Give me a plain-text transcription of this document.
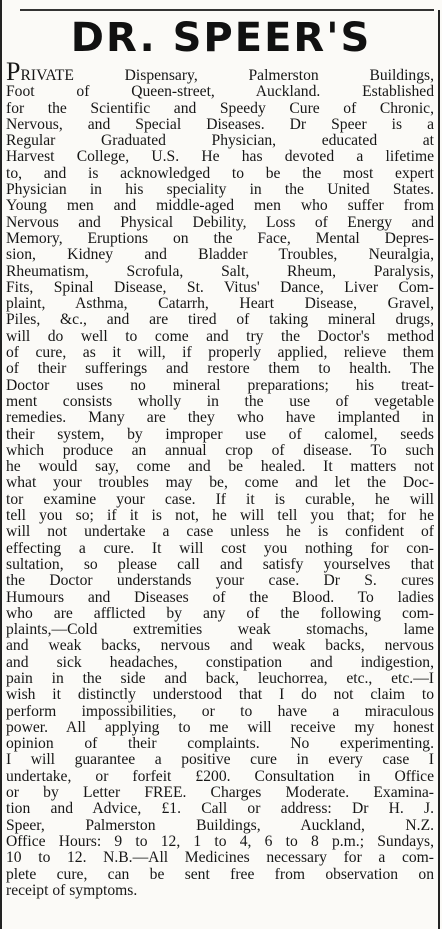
DR. SPEER'S
PRIVATE Dispensary, Palmerston Buildings,
Foot of Queen-street, Auckland. Established
for the Scientific and Speedy Cure of Chronic,
Nervous, and Special Diseases. Dr Speer is a
Regular Graduated Physician, educated at
Harvest College, U.S. He has devoted a lifetime
to, and is acknowledged to be the most expert
Physician in his speciality in the United States.
Young men and middle-aged men who suffer from
Nervous and Physical Debility, Loss of Energy and
Memory, Eruptions on the Face, Mental Depres-
sion, Kidney and Bladder Troubles, Neuralgia,
Rheumatism, Scrofula, Salt, Rheum, Paralysis,
Fits, Spinal Disease, St. Vitus' Dance, Liver Com-
plaint, Asthma, Catarrh, Heart Disease, Gravel,
Piles, &c., and are tired of taking mineral drugs,
will do well to come and try the Doctor's method
of cure, as it will, if properly applied, relieve them
of their sufferings and restore them to health. The
Doctor uses no mineral preparations; his treat-
ment consists wholly in the use of vegetable
remedies. Many are they who have implanted in
their system, by improper use of calomel, seeds
which produce an annual crop of disease. To such
he would say, come and be healed. It matters not
what your troubles may be, come and let the Doc-
tor examine your case. If it is curable, he will
tell you so; if it is not, he will tell you that; for he
will not undertake a case unless he is confident of
effecting a cure. It will cost you nothing for con-
sultation, so please call and satisfy yourselves that
the Doctor understands your case. Dr S. cures
Humours and Diseases of the Blood. To ladies
who are afflicted by any of the following com-
plaints,—Cold extremities weak stomachs, lame
and weak backs, nervous and weak backs, nervous
and sick headaches, constipation and indigestion,
pain in the side and back, leuchorrea, etc., etc.—I
wish it distinctly understood that I do not claim to
perform impossibilities, or to have a miraculous
power. All applying to me will receive my honest
opinion of their complaints. No experimenting.
I will guarantee a positive cure in every case I
undertake, or forfeit £200. Consultation in Office
or by Letter FREE. Charges Moderate. Examina-
tion and Advice, £1. Call or address: Dr H. J.
Speer, Palmerston Buildings, Auckland, N.Z.
Office Hours: 9 to 12, 1 to 4, 6 to 8 p.m.; Sundays,
10 to 12. N.B.—All Medicines necessary for a com-
plete cure, can be sent free from observation on
receipt of symptoms.
